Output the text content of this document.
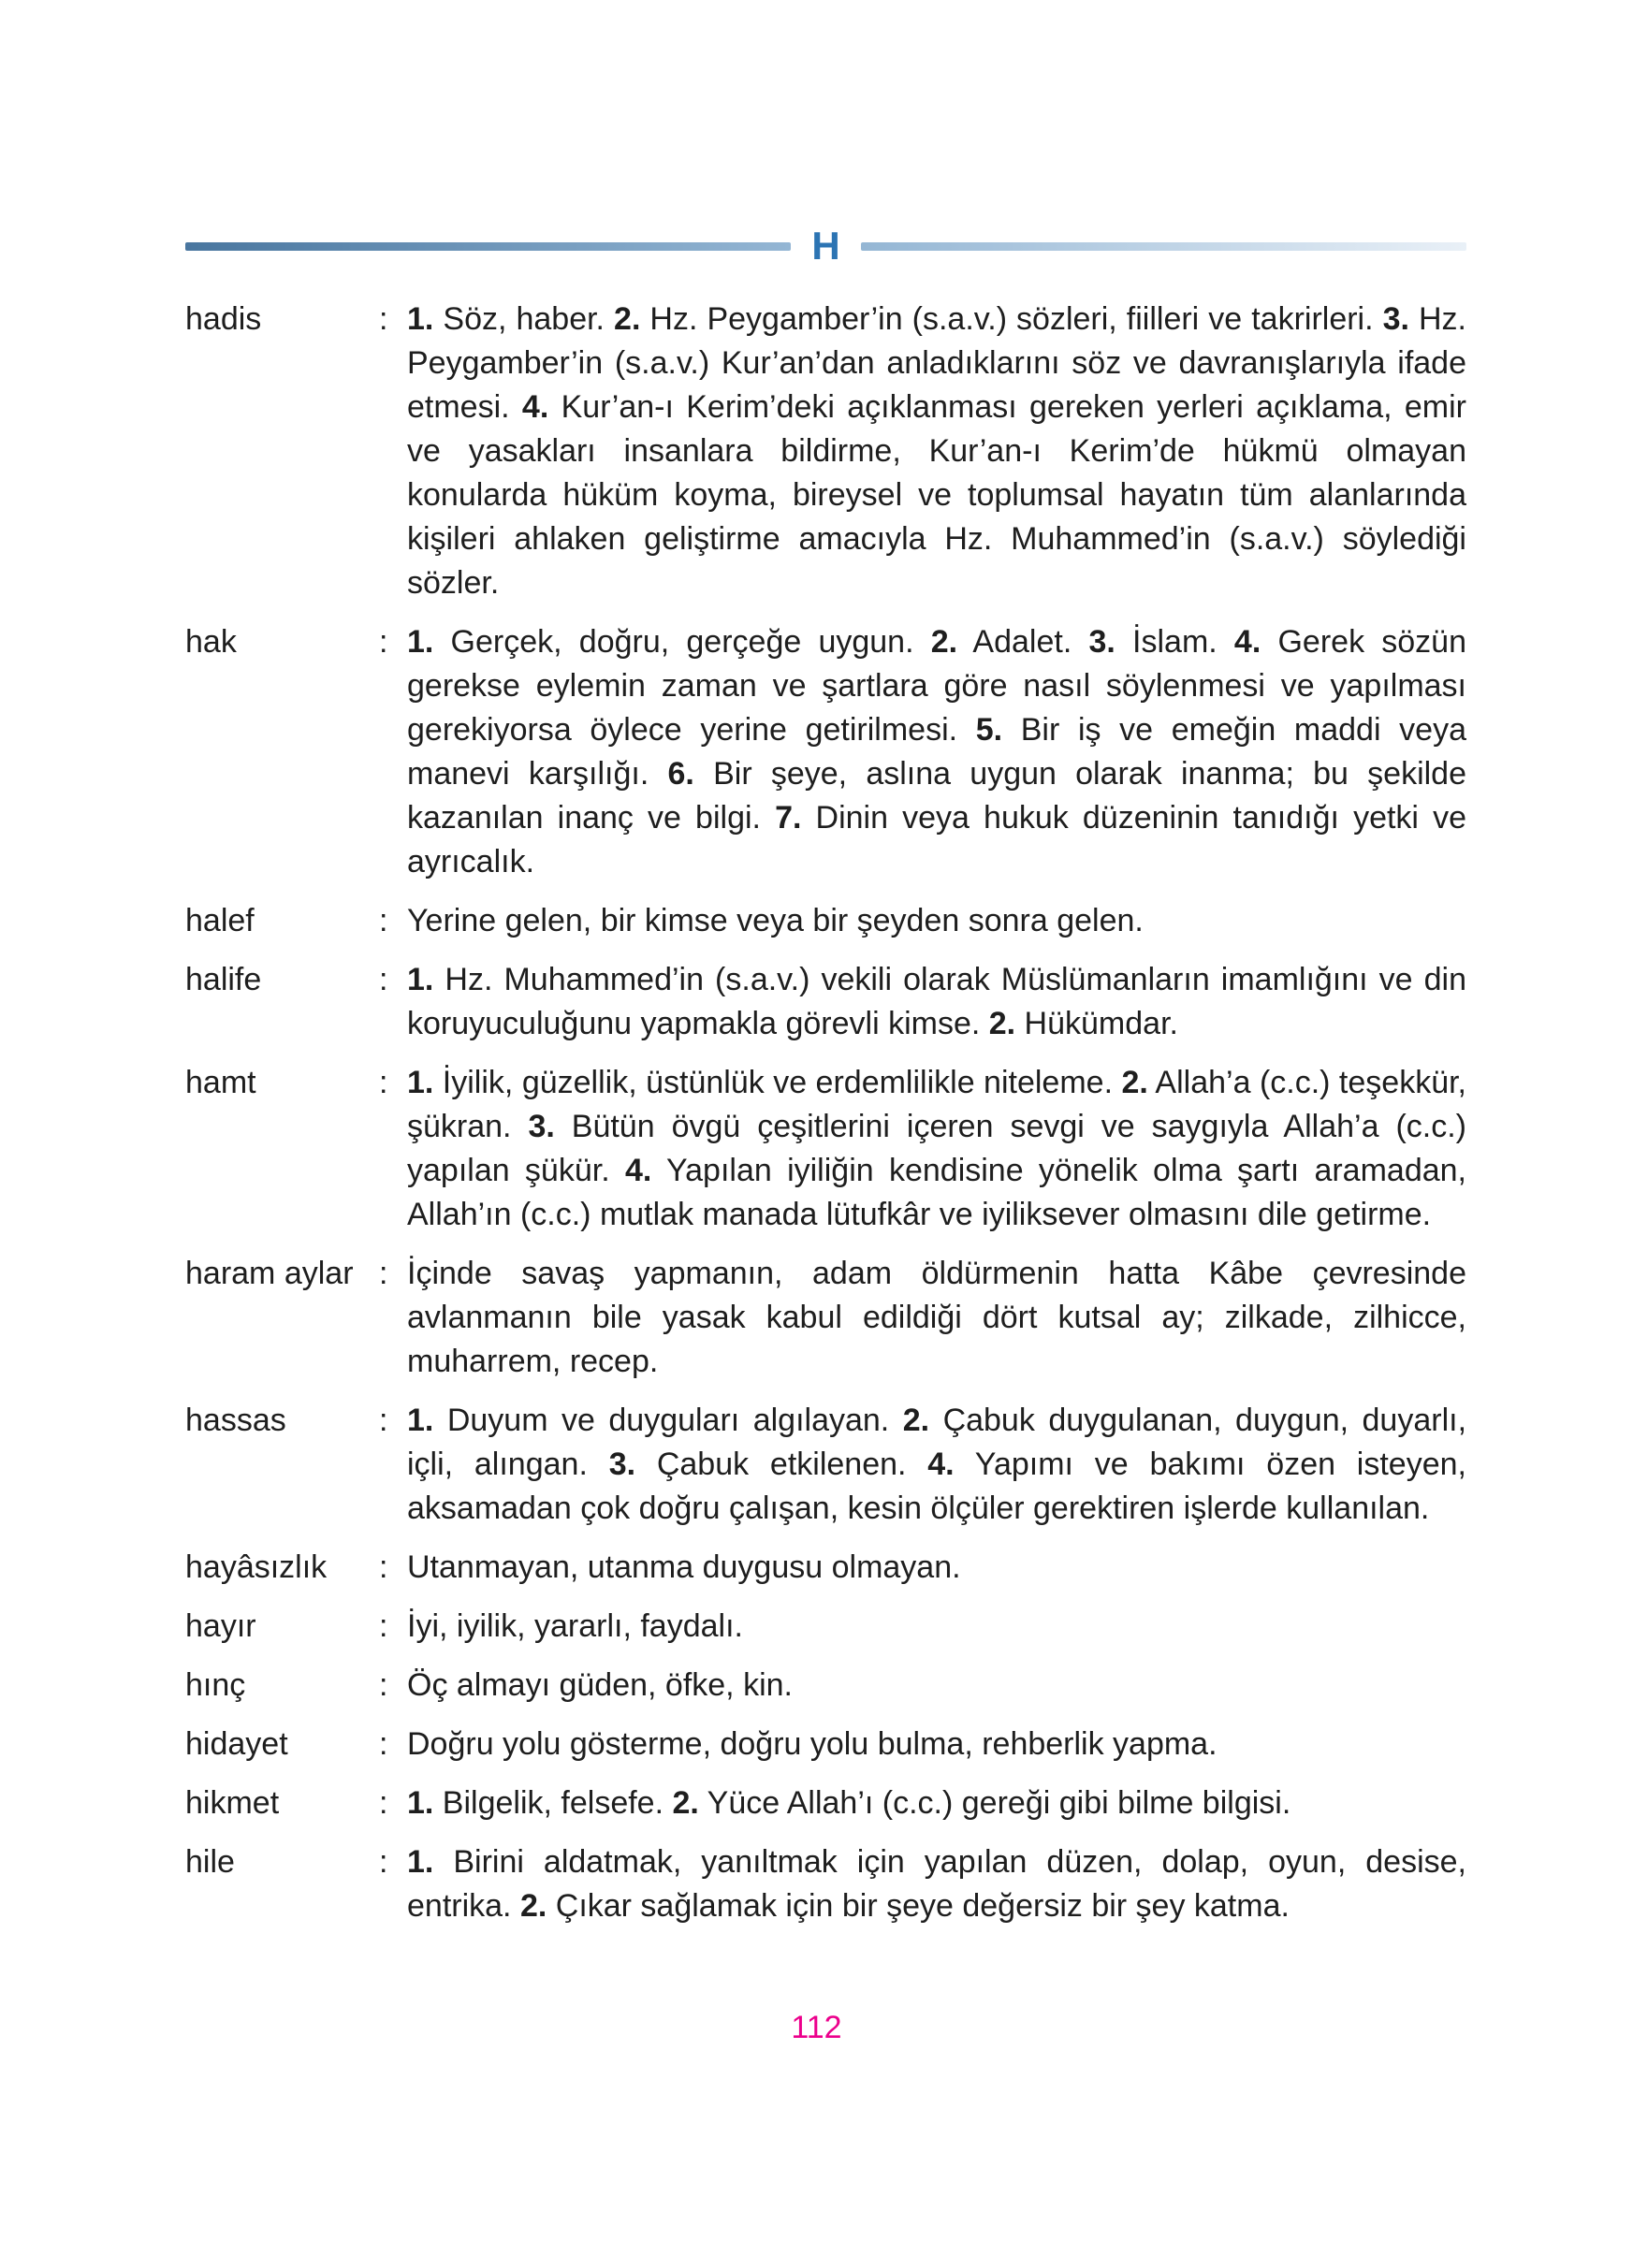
H
hadis	: 1. Söz, haber. 2. Hz. Peygamber’in (s.a.v.) sözleri, fiilleri ve takrirleri. 3. Hz. Peygamber’in (s.a.v.) Kur’an’dan anladıklarını söz ve davranışlarıyla ifade etmesi. 4. Kur’an-ı Kerim’deki açıklanması gereken yerleri açıklama, emir ve yasakları insanlara bildirme, Kur’an-ı Kerim’de hükmü olmayan konularda hüküm koyma, bireysel ve toplumsal hayatın tüm alanlarında kişileri ahlaken geliştirme amacıyla Hz. Muhammed’in (s.a.v.) söylediği sözler.
hak	: 1. Gerçek, doğru, gerçeğe uygun. 2. Adalet. 3. İslam. 4. Gerek sözün gerekse eylemin zaman ve şartlara göre nasıl söylenmesi ve yapılması gerekiyorsa öylece yerine getirilmesi. 5. Bir iş ve emeğin maddi veya manevi karşılığı. 6. Bir şeye, aslına uygun olarak inanma; bu şekilde kazanılan inanç ve bilgi. 7. Dinin veya hukuk düzeninin tanıdığı yetki ve ayrıcalık.
halef	: Yerine gelen, bir kimse veya bir şeyden sonra gelen.
halife	: 1. Hz. Muhammed’in (s.a.v.) vekili olarak Müslümanların imamlığını ve din koruyuculuğunu yapmakla görevli kimse. 2. Hükümdar.
hamt	: 1. İyilik, güzellik, üstünlük ve erdemlilikle niteleme. 2. Allah’a (c.c.) teşekkür, şükran. 3. Bütün övgü çeşitlerini içeren sevgi ve saygıyla Allah’a (c.c.) yapılan şükür. 4. Yapılan iyiliğin kendisine yönelik olma şartı aramadan, Allah’ın (c.c.) mutlak manada lütufkâr ve iyiliksever olmasını dile getirme.
haram aylar : İçinde savaş yapmanın, adam öldürmenin hatta Kâbe çevresinde avlanmanın bile yasak kabul edildiği dört kutsal ay; zilkade, zilhicce, muharrem, recep.
hassas	: 1. Duyum ve duyguları algılayan. 2. Çabuk duygulanan, duygun, duyarlı, içli, alıngan. 3. Çabuk etkilenen. 4. Yapımı ve bakımı özen isteyen, aksamadan çok doğru çalışan, kesin ölçüler gerektiren işlerde kullanılan.
hayâsızlık	: Utanmayan, utanma duygusu olmayan.
hayır	: İyi, iyilik, yararlı, faydalı.
hınç	: Öç almayı güden, öfke, kin.
hidayet	: Doğru yolu gösterme, doğru yolu bulma, rehberlik yapma.
hikmet	: 1. Bilgelik, felsefe. 2. Yüce Allah’ı (c.c.) gereği gibi bilme bilgisi.
hile	: 1. Birini aldatmak, yanıltmak için yapılan düzen, dolap, oyun, desise, entrika. 2. Çıkar sağlamak için bir şeye değersiz bir şey katma.
112
